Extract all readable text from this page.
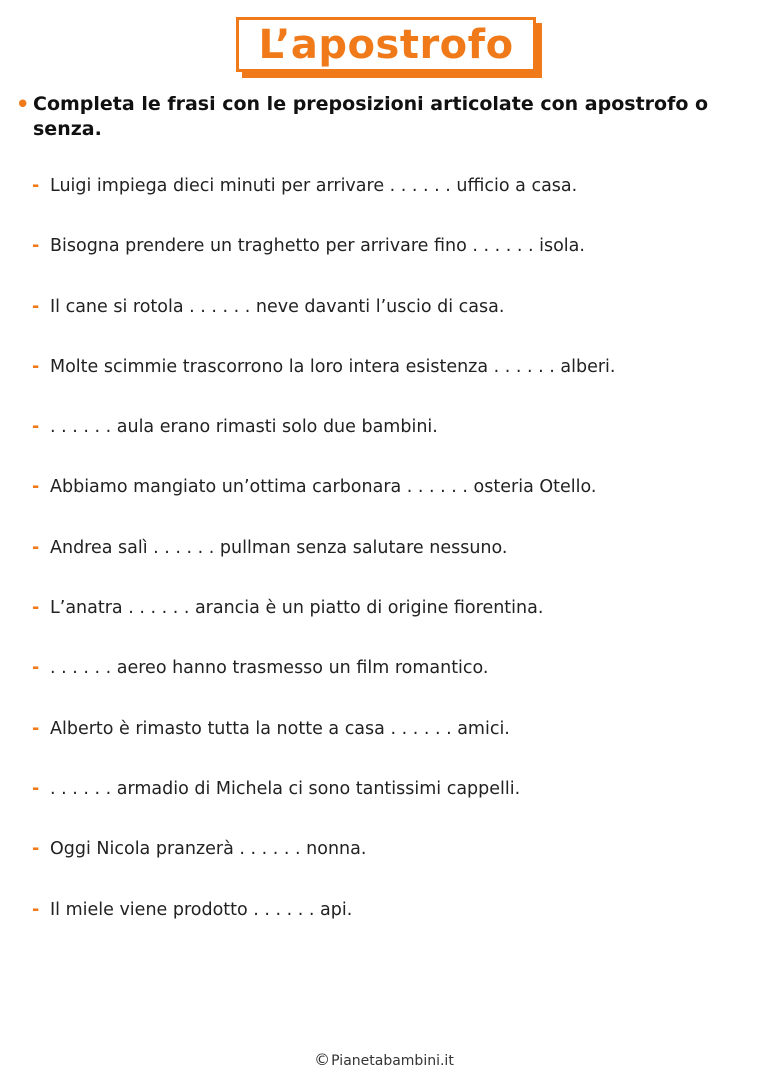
L’apostrofo
• Completa le frasi con le preposizioni articolate con apostrofo o senza.
- Luigi impiega dieci minuti per arrivare . . . . . . ufficio a casa.
- Bisogna prendere un traghetto per arrivare fino . . . . . . isola.
- Il cane si rotola . . . . . . neve davanti l’uscio di casa.
- Molte scimmie trascorrono la loro intera esistenza . . . . . . alberi.
- . . . . . . aula erano rimasti solo due bambini.
- Abbiamo mangiato un’ottima carbonara . . . . . . osteria Otello.
- Andrea salì . . . . . . pullman senza salutare nessuno.
- L’anatra . . . . . . arancia è un piatto di origine fiorentina.
- . . . . . . aereo hanno trasmesso un film romantico.
- Alberto è rimasto tutta la notte a casa . . . . . . amici.
- . . . . . . armadio di Michela ci sono tantissimi cappelli.
- Oggi Nicola pranzerà . . . . . . nonna.
- Il miele viene prodotto . . . . . . api.
©Pianetabambini.it
